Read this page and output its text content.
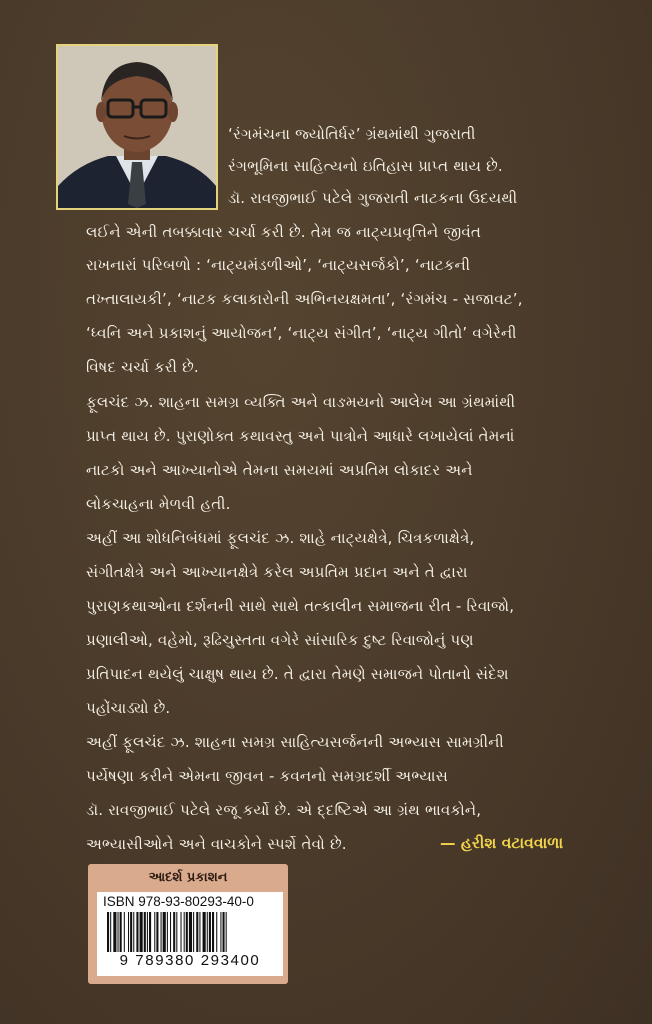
‘રંગમંચના જ્યોતિર્ધર’ ગ્રંથમાંથી ગુજરાતી
રંગભૂમિના સાહિત્યનો ઇતિહાસ પ્રાપ્ત થાય છે.
ડૉ. રાવજીભાઈ પટેલે ગુજરાતી નાટકના ઉદયથી
લઈને એની તબક્કાવાર ચર્ચા કરી છે. તેમ જ નાટ્યપ્રવૃત્તિને જીવંત
રાખનારાં પરિબળો : ‘નાટ્યમંડળીઓ’, ‘નાટ્યસર્જકો’, ‘નાટકની
તખ્તાલાયકી’, ‘નાટક કલાકારોની અભિનયક્ષમતા’, ‘રંગમંચ - સજાવટ’,
‘ધ્વનિ અને પ્રકાશનું આયોજન’, ‘નાટ્ય સંગીત’, ‘નાટ્ય ગીતો’ વગેરેની
વિષદ ચર્ચા કરી છે.
ફૂલચંદ ઝ. શાહના સમગ્ર વ્યક્તિ અને વાઙમયનો આલેખ આ ગ્રંથમાંથી
પ્રાપ્ત થાય છે. પુરાણોક્ત કથાવસ્તુ અને પાત્રોને આધારે લખાયેલાં તેમનાં
નાટકો અને આખ્યાનોએ તેમના સમયમાં અપ્રતિમ લોકાદર અને
લોકચાહના મેળવી હતી.
અહીં આ શોધનિબંધમાં ફૂલચંદ ઝ. શાહે નાટ્યક્ષેત્રે, ચિત્રકળાક્ષેત્રે,
સંગીતક્ષેત્રે અને આખ્યાનક્ષેત્રે કરેલ અપ્રતિમ પ્રદાન અને તે દ્વારા
પુરાણકથાઓના દર્શનની સાથે સાથે તત્કાલીન સમાજના રીત - રિવાજો,
પ્રણાલીઓ, વહેમો, રૂઢિચુસ્તતા વગેરે સાંસારિક દુષ્ટ રિવાજોનું પણ
પ્રતિપાદન થયેલું ચાક્ષુષ થાય છે. તે દ્વારા તેમણે સમાજને પોતાનો સંદેશ
પહોંચાડ્યો છે.
અહીં ફૂલચંદ ઝ. શાહના સમગ્ર સાહિત્યસર્જનની અભ્યાસ સામગ્રીની
પર્યેષણા કરીને એમના જીવન - કવનનો સમગ્રદર્શી અભ્યાસ
ડૉ. રાવજીભાઈ પટેલે રજૂ કર્યો છે. એ દ્દષ્ટિએ આ ગ્રંથ ભાવકોને,
અભ્યાસીઓને અને વાચકોને સ્પર્શે તેવો છે.	— હરીશ વટાવવાળા
આદર્શ પ્રકાશન
ISBN 978-93-80293-40-0
9 789380 293400
